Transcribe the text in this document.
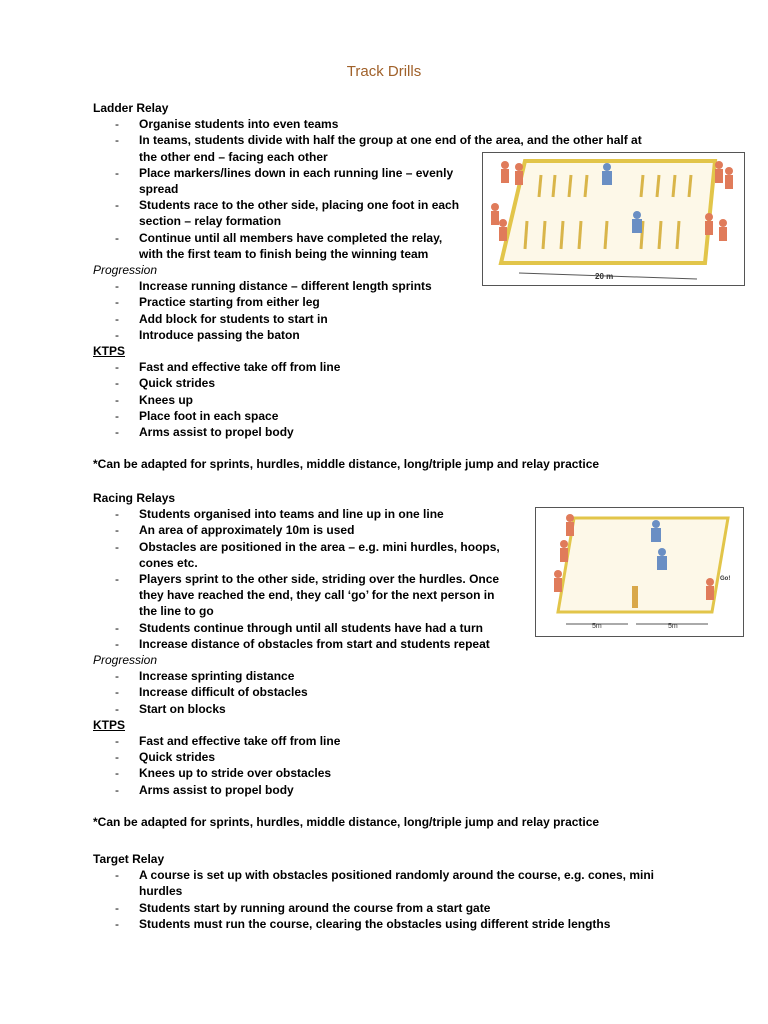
Track Drills
Ladder Relay
- Organise students into even teams
- In teams, students divide with half the group at one end of the area, and the other half at
the other end – facing each other
- Place markers/lines down in each running line – evenly
spread
- Students race to the other side, placing one foot in each
section – relay formation
- Continue until all members have completed the relay,
with the first team to finish being the winning team
Progression
- Increase running distance – different length sprints
- Practice starting from either leg
- Add block for students to start in
- Introduce passing the baton
KTPS
- Fast and effective take off from line
- Quick strides
- Knees up
- Place foot in each space
- Arms assist to propel body
*Can be adapted for sprints, hurdles, middle distance, long/triple jump and relay practice
20 m
Racing Relays
- Students organised into teams and line up in one line
- An area of approximately 10m is used
- Obstacles are positioned in the area – e.g. mini hurdles, hoops,
cones etc.
- Players sprint to the other side, striding over the hurdles. Once
they have reached the end, they call ‘go’ for the next person in
the line to go
- Students continue through until all students have had a turn
- Increase distance of obstacles from start and students repeat
Progression
- Increase sprinting distance
- Increase difficult of obstacles
- Start on blocks
KTPS
- Fast and effective take off from line
- Quick strides
- Knees up to stride over obstacles
- Arms assist to propel body
*Can be adapted for sprints, hurdles, middle distance, long/triple jump and relay practice
5m	5m
Go!
Target Relay
- A course is set up with obstacles positioned randomly around the course, e.g. cones, mini
hurdles
- Students start by running around the course from a start gate
- Students must run the course, clearing the obstacles using different stride lengths
